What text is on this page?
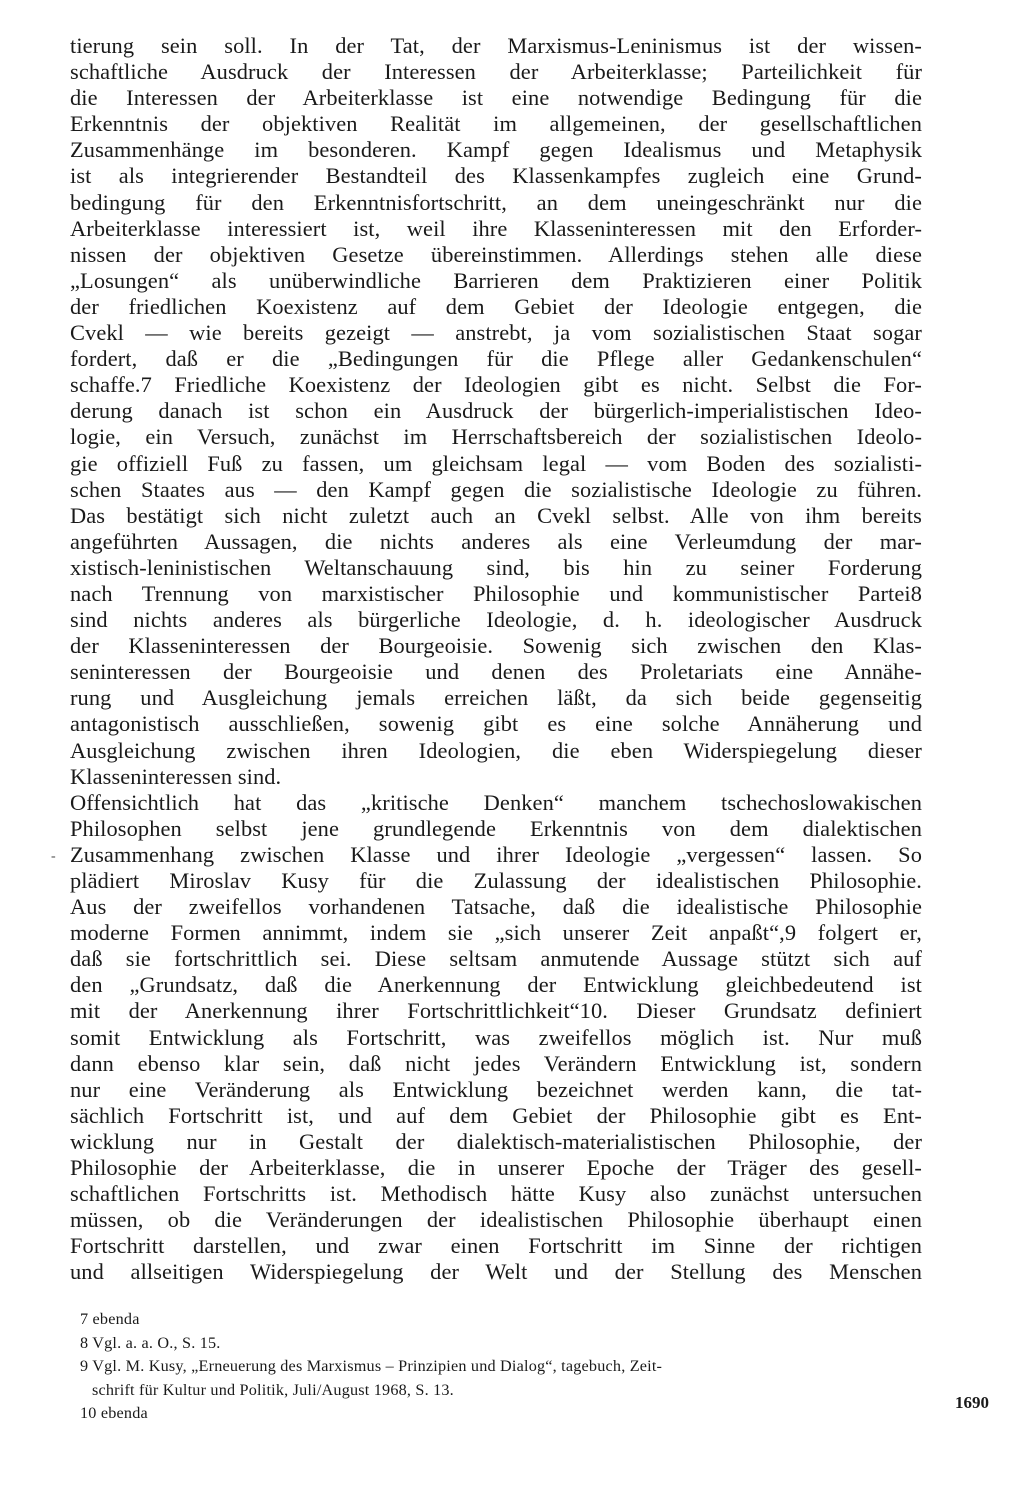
tierung sein soll. In der Tat, der Marxismus-Leninismus ist der wissen-
schaftliche Ausdruck der Interessen der Arbeiterklasse; Parteilichkeit für
die Interessen der Arbeiterklasse ist eine notwendige Bedingung für die
Erkenntnis der objektiven Realität im allgemeinen, der gesellschaftlichen
Zusammenhänge im besonderen. Kampf gegen Idealismus und Metaphysik
ist als integrierender Bestandteil des Klassenkampfes zugleich eine Grund-
bedingung für den Erkenntnisfortschritt, an dem uneingeschränkt nur die
Arbeiterklasse interessiert ist, weil ihre Klasseninteressen mit den Erforder-
nissen der objektiven Gesetze übereinstimmen. Allerdings stehen alle diese
„Losungen“ als unüberwindliche Barrieren dem Praktizieren einer Politik
der friedlichen Koexistenz auf dem Gebiet der Ideologie entgegen, die
Cvekl — wie bereits gezeigt — anstrebt, ja vom sozialistischen Staat sogar
fordert, daß er die „Bedingungen für die Pflege aller Gedankenschulen“
schaffe.7 Friedliche Koexistenz der Ideologien gibt es nicht. Selbst die For-
derung danach ist schon ein Ausdruck der bürgerlich-imperialistischen Ideo-
logie, ein Versuch, zunächst im Herrschaftsbereich der sozialistischen Ideolo-
gie offiziell Fuß zu fassen, um gleichsam legal — vom Boden des sozialisti-
schen Staates aus — den Kampf gegen die sozialistische Ideologie zu führen.
Das bestätigt sich nicht zuletzt auch an Cvekl selbst. Alle von ihm bereits
angeführten Aussagen, die nichts anderes als eine Verleumdung der mar-
xistisch-leninistischen Weltanschauung sind, bis hin zu seiner Forderung
nach Trennung von marxistischer Philosophie und kommunistischer Partei8
sind nichts anderes als bürgerliche Ideologie, d. h. ideologischer Ausdruck
der Klasseninteressen der Bourgeoisie. Sowenig sich zwischen den Klas-
seninteressen der Bourgeoisie und denen des Proletariats eine Annähe-
rung und Ausgleichung jemals erreichen läßt, da sich beide gegenseitig
antagonistisch ausschließen, sowenig gibt es eine solche Annäherung und
Ausgleichung zwischen ihren Ideologien, die eben Widerspiegelung dieser
Klasseninteressen sind.
Offensichtlich hat das „kritische Denken“ manchem tschechoslowakischen
Philosophen selbst jene grundlegende Erkenntnis von dem dialektischen
Zusammenhang zwischen Klasse und ihrer Ideologie „vergessen“ lassen. So
plädiert Miroslav Kusy für die Zulassung der idealistischen Philosophie.
Aus der zweifellos vorhandenen Tatsache, daß die idealistische Philosophie
moderne Formen annimmt, indem sie „sich unserer Zeit anpaßt“,9 folgert er,
daß sie fortschrittlich sei. Diese seltsam anmutende Aussage stützt sich auf
den „Grundsatz, daß die Anerkennung der Entwicklung gleichbedeutend ist
mit der Anerkennung ihrer Fortschrittlichkeit“10. Dieser Grundsatz definiert
somit Entwicklung als Fortschritt, was zweifellos möglich ist. Nur muß
dann ebenso klar sein, daß nicht jedes Verändern Entwicklung ist, sondern
nur eine Veränderung als Entwicklung bezeichnet werden kann, die tat-
sächlich Fortschritt ist, und auf dem Gebiet der Philosophie gibt es Ent-
wicklung nur in Gestalt der dialektisch-materialistischen Philosophie, der
Philosophie der Arbeiterklasse, die in unserer Epoche der Träger des gesell-
schaftlichen Fortschritts ist. Methodisch hätte Kusy also zunächst untersuchen
müssen, ob die Veränderungen der idealistischen Philosophie überhaupt einen
Fortschritt darstellen, und zwar einen Fortschritt im Sinne der richtigen
und allseitigen Widerspiegelung der Welt und der Stellung des Menschen
-
7 ebenda
8 Vgl. a. a. O., S. 15.
9 Vgl. M. Kusy, „Erneuerung des Marxismus – Prinzipien und Dialog“, tagebuch, Zeit-
schrift für Kultur und Politik, Juli/August 1968, S. 13.
10 ebenda
1690
